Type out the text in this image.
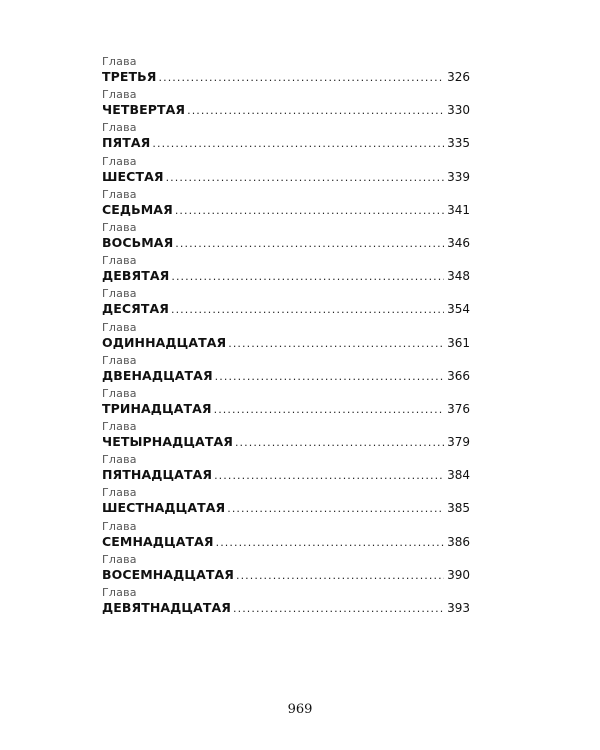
Глава
ТРЕТЬЯ . . .	326
Глава
ЧЕТВЕРТАЯ . . .	330
Глава
ПЯТАЯ . . .	335
Глава
ШЕСТАЯ . . .	339
Глава
СЕДЬМАЯ . . .	341
Глава
ВОСЬМАЯ . . .	346
Глава
ДЕВЯТАЯ . . .	348
Глава
ДЕСЯТАЯ . . .	354
Глава
ОДИННАДЦАТАЯ . . .	361
Глава
ДВЕНАДЦАТАЯ . . .	366
Глава
ТРИНАДЦАТАЯ . . .	376
Глава
ЧЕТЫРНАДЦАТАЯ . . .	379
Глава
ПЯТНАДЦАТАЯ . . .	384
Глава
ШЕСТНАДЦАТАЯ . . .	385
Глава
СЕМНАДЦАТАЯ . . .	386
Глава
ВОСЕМНАДЦАТАЯ . . .	390
Глава
ДЕВЯТНАДЦАТАЯ . . .	393
969
